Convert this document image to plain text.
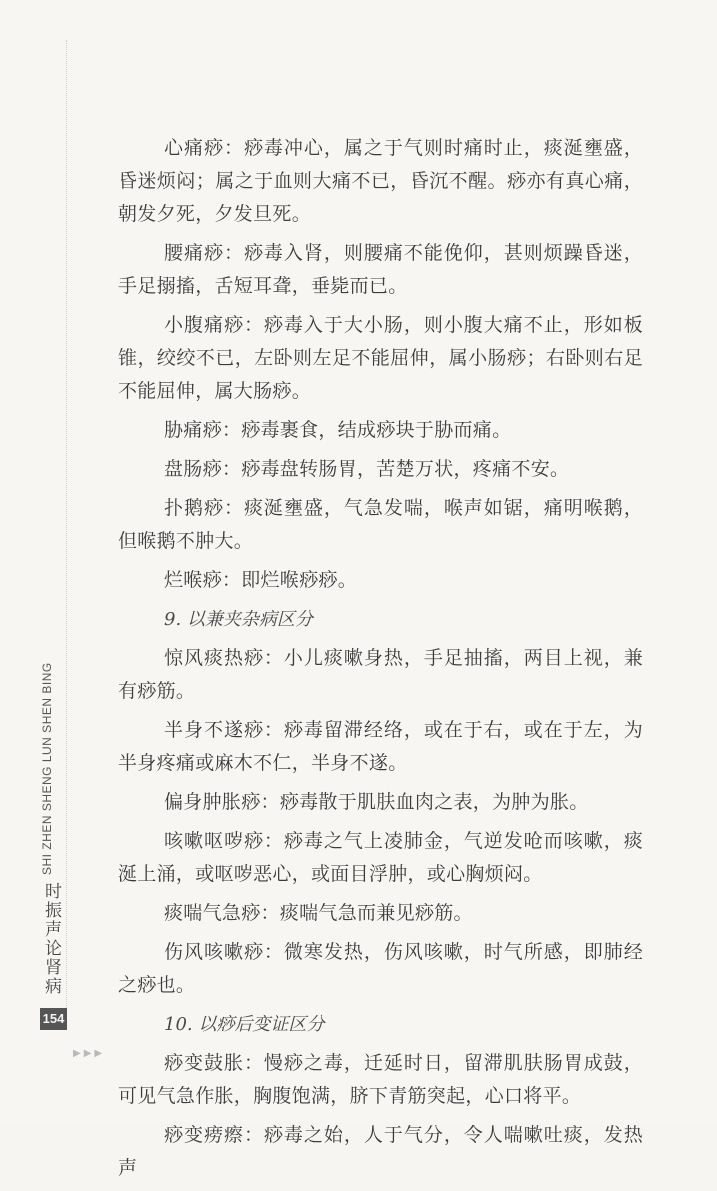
心痛痧：痧毒冲心，属之于气则时痛时止，痰涎壅盛，昏迷烦闷；属之于血则大痛不已，昏沉不醒。痧亦有真心痛，朝发夕死，夕发旦死。

腰痛痧：痧毒入肾，则腰痛不能俛仰，甚则烦躁昏迷，手足搦搐，舌短耳聋，垂毙而已。

小腹痛痧：痧毒入于大小肠，则小腹大痛不止，形如板锥，绞绞不已，左卧则左足不能屈伸，属小肠痧；右卧则右足不能屈伸，属大肠痧。

胁痛痧：痧毒裹食，结成痧块于胁而痛。

盘肠痧：痧毒盘转肠胃，苦楚万状，疼痛不安。

扑鹅痧：痰涎壅盛，气急发喘，喉声如锯，痛明喉鹅，但喉鹅不肿大。

烂喉痧：即烂喉痧痧。

9. 以兼夹杂病区分

惊风痰热痧：小儿痰嗽身热，手足抽搐，两目上视，兼有痧筋。

半身不遂痧：痧毒留滞经络，或在于右，或在于左，为半身疼痛或麻木不仁，半身不遂。

偏身肿胀痧：痧毒散于肌肤血肉之表，为肿为胀。

咳嗽呕哕痧：痧毒之气上凌肺金，气逆发呛而咳嗽，痰涎上涌，或呕哕恶心，或面目浮肿，或心胸烦闷。

痰喘气急痧：痰喘气急而兼见痧筋。

伤风咳嗽痧：微寒发热，伤风咳嗽，时气所感，即肺经之痧也。

10. 以痧后变证区分

痧变鼓胀：慢痧之毒，迁延时日，留滞肌肤肠胃成鼓，可见气急作胀，胸腹饱满，脐下青筋突起，心口将平。

痧变痨瘵：痧毒之始，人于气分，令人喘嗽吐痰，发热声

SHI ZHEN SHENG LUN SHEN BING
时振声论肾病
154
▶▶▶
